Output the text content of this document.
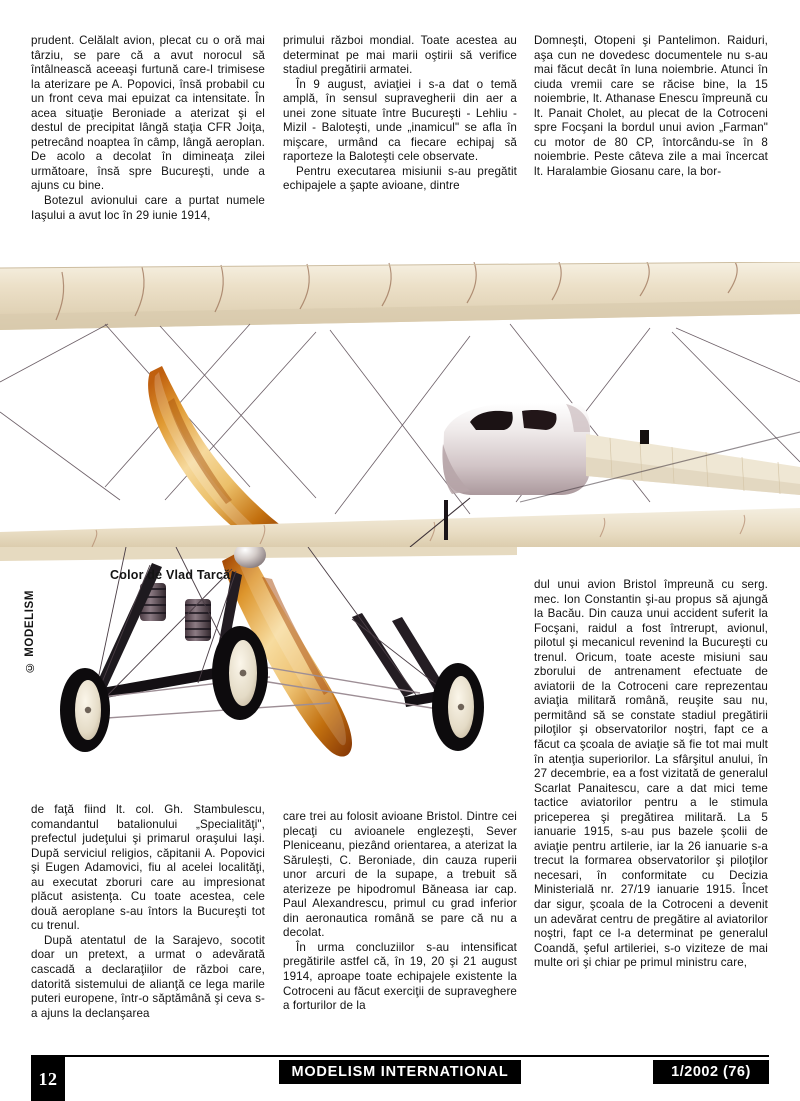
Color de Vlad Tarcă
© MODELISM

prudent. Celălalt avion, plecat cu o oră mai târziu, se pare că a avut norocul să întâlnească aceeaşi furtună care-l trimisese la aterizare pe A. Popovici, însă probabil cu un front ceva mai epuizat ca intensitate. În acea situaţie Beroniade a aterizat şi el destul de precipitat lângă staţia CFR Joiţa, petrecând noaptea în câmp, lângă aeroplan. De acolo a decolat în dimineaţa zilei următoare, însă spre Bucureşti, unde a ajuns cu bine.

Botezul avionului care a purtat numele Iaşului a avut loc în 29 iunie 1914,

primului război mondial. Toate acestea au determinat pe mai marii oştirii să verifice stadiul pregătirii armatei.

În 9 august, aviaţiei i s-a dat o temă amplă, în sensul supravegherii din aer a unei zone situate între Bucureşti - Lehliu - Mizil - Baloteşti, unde „inamicul" se afla în mişcare, urmând ca fiecare echipaj să raporteze la Baloteşti cele observate.

Pentru executarea misiunii s-au pregătit echipajele a şapte avioane, dintre

Domneşti, Otopeni şi Pantelimon. Raiduri, aşa cun ne dovedesc documentele nu s-au mai făcut decât în luna noiembrie. Atunci în ciuda vremii care se răcise bine, la 15 noiembrie, lt. Athanase Enescu împreună cu lt. Panait Cholet, au plecat de la Cotroceni spre Focşani la bordul unui avion „Farman" cu motor de 80 CP, întorcându-se în 8 noiembrie. Peste câteva zile a mai încercat lt. Haralambie Giosanu care, la bor-

de faţă fiind lt. col. Gh. Stambulescu, comandantul batalionului „Specialităţi", prefectul judeţului şi primarul oraşului Iaşi. După serviciul religios, căpitanii A. Popovici şi Eugen Adamovici, fiu al acelei localităţi, au executat zboruri care au impresionat plăcut asistenţa. Cu toate acestea, cele două aeroplane s-au întors la Bucureşti tot cu trenul.

După atentatul de la Sarajevo, socotit doar un pretext, a urmat o adevărată cascadă a declaraţiilor de război care, datorită sistemului de alianţă ce lega marile puteri europene, într-o săptămână şi ceva s-a ajuns la declanşarea

care trei au folosit avioane Bristol. Dintre cei plecaţi cu avioanele englezeşti, Sever Pleniceanu, piezând orientarea, a aterizat la Sărulești, C. Beroniade, din cauza ruperii unor arcuri de la supape, a trebuit să aterizeze pe hipodromul Băneasa iar cap. Paul Alexandrescu, primul cu grad inferior din aeronautica română se pare că nu a decolat.

În urma concluziilor s-au intensificat pregătirile astfel că, în 19, 20 şi 21 august 1914, aproape toate echipajele existente la Cotroceni au făcut exerciţii de supraveghere a forturilor de la

dul unui avion Bristol împreună cu serg. mec. Ion Constantin şi-au propus să ajungă la Bacău. Din cauza unui accident suferit la Focşani, raidul a fost întrerupt, avionul, pilotul şi mecanicul revenind la Bucureşti cu trenul. Oricum, toate aceste misiuni sau zborului de antrenament efectuate de aviatorii de la Cotroceni care reprezentau aviaţia militară română, reuşite sau nu, permitând să se constate stadiul pregătirii piloţilor şi observatorilor noştri, fapt ce a făcut ca şcoala de aviaţie să fie tot mai mult în atenţia superiorilor. La sfârşitul anului, în 27 decembrie, ea a fost vizitată de generalul Scarlat Panaitescu, care a dat mici teme tactice aviatorilor pentru a le stimula priceperea şi pregătirea militară. La 5 ianuarie 1915, s-au pus bazele şcolii de aviaţie pentru artilerie, iar la 26 ianuarie s-a trecut la formarea observatorilor şi piloţilor necesari, în conformitate cu Decizia Ministerială nr. 27/19 ianuarie 1915. Încet dar sigur, şcoala de la Cotroceni a devenit un adevărat centru de pregătire al aviatorilor noştri, fapt ce l-a determinat pe generalul Coandă, şeful artileriei, s-o viziteze de mai multe ori şi chiar pe primul ministru care,

12	MODELISM INTERNATIONAL	1/2002 (76)
